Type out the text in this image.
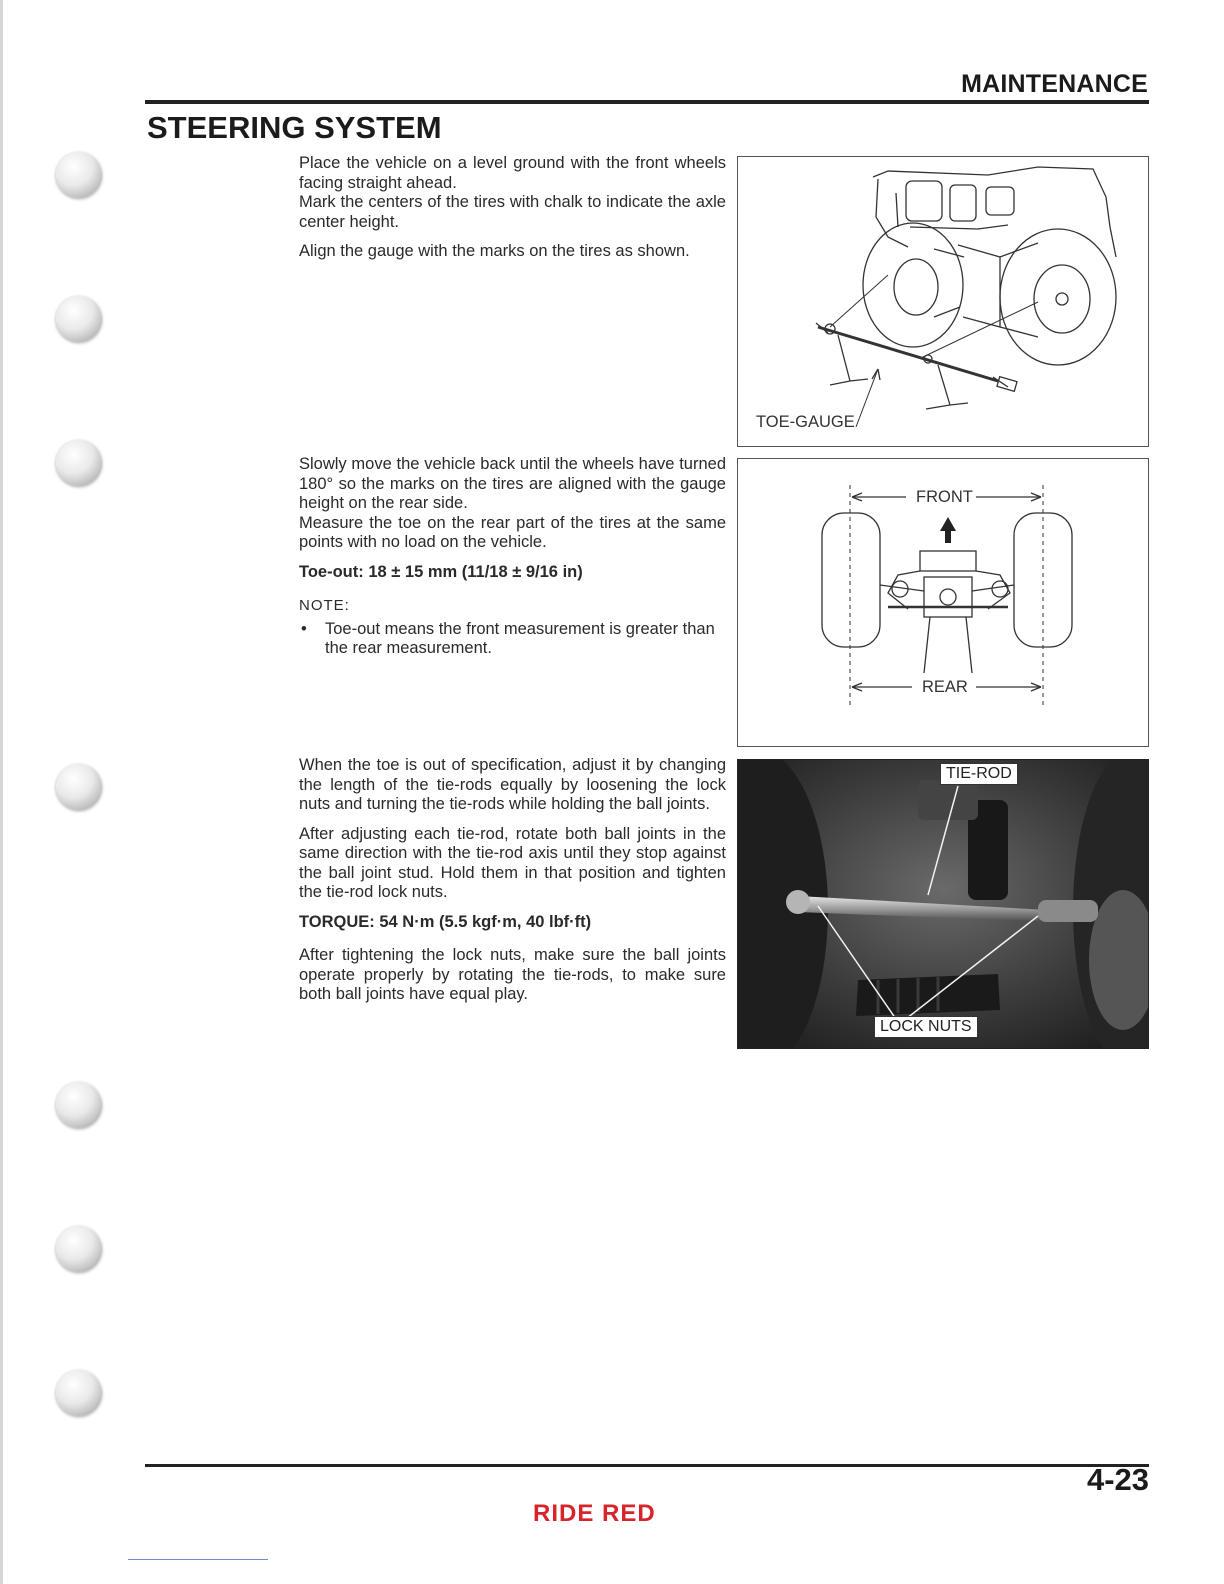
MAINTENANCE
STEERING SYSTEM

Place the vehicle on a level ground with the front wheels facing straight ahead.

Mark the centers of the tires with chalk to indicate the axle center height.

Align the gauge with the marks on the tires as shown.

TOE-GAUGE

Slowly move the vehicle back until the wheels have turned 180° so the marks on the tires are aligned with the gauge height on the rear side.

Measure the toe on the rear part of the tires at the same points with no load on the vehicle.

Toe-out: 18 ± 15 mm (11/18 ± 9/16 in)
NOTE:
•	Toe-out means the front measurement is greater than the rear measurement.
FRONT
REAR

When the toe is out of specification, adjust it by changing the length of the tie-rods equally by loosening the lock nuts and turning the tie-rods while holding the ball joints.

After adjusting each tie-rod, rotate both ball joints in the same direction with the tie-rod axis until they stop against the ball joint stud. Hold them in that position and tighten the tie-rod lock nuts.

TORQUE: 54 N·m (5.5 kgf·m, 40 lbf·ft)

After tightening the lock nuts, make sure the ball joints operate properly by rotating the tie-rods, to make sure both ball joints have equal play.

TIE-ROD
LOCK NUTS
4-23
RIDE RED
